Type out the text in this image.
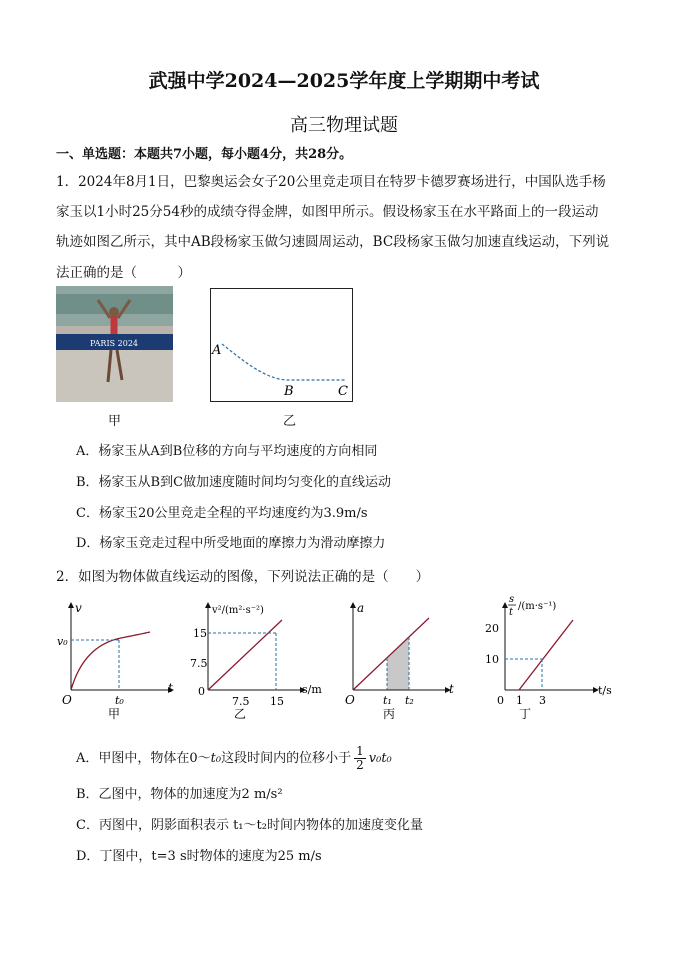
武强中学2024—2025学年度上学期期中考试
高三物理试题
一、单选题：本题共7小题，每小题4分，共28分。
1．2024年8月1日，巴黎奥运会女子20公里竞走项目在特罗卡德罗赛场进行，中国队选手杨
家玉以1小时25分54秒的成绩夺得金牌，如图甲所示。假设杨家玉在水平路面上的一段运动
轨迹如图乙所示，其中AB段杨家玉做匀速圆周运动，BC段杨家玉做匀加速直线运动，下列说
法正确的是（　　　）
PARIS 2024
甲
A
B	C
乙
A．杨家玉从A到B位移的方向与平均速度的方向相同
B．杨家玉从B到C做加速度随时间均匀变化的直线运动
C．杨家玉20公里竞走全程的平均速度约为3.9m/s
D．杨家玉竞走过程中所受地面的摩擦力为滑动摩擦力
2．如图为物体做直线运动的图像，下列说法正确的是（　　）
v
v₀
O	t₀
t
甲
v²/(m²·s⁻²)
15
7.5
0
7.5 15
s/m
乙
a
O	t₁ t₂
t
丙
s
t
/(m·s⁻¹)
20
10
0 1 3
t/s
丁
A．甲图中，物体在0～t₀这段时间内的位移小于 $\frac{1}{2} v_0t_0$
B．乙图中，物体的加速度为2 m/s²
C．丙图中，阴影面积表示 t₁～t₂时间内物体的加速度变化量
D．丁图中，t=3 s时物体的速度为25 m/s
